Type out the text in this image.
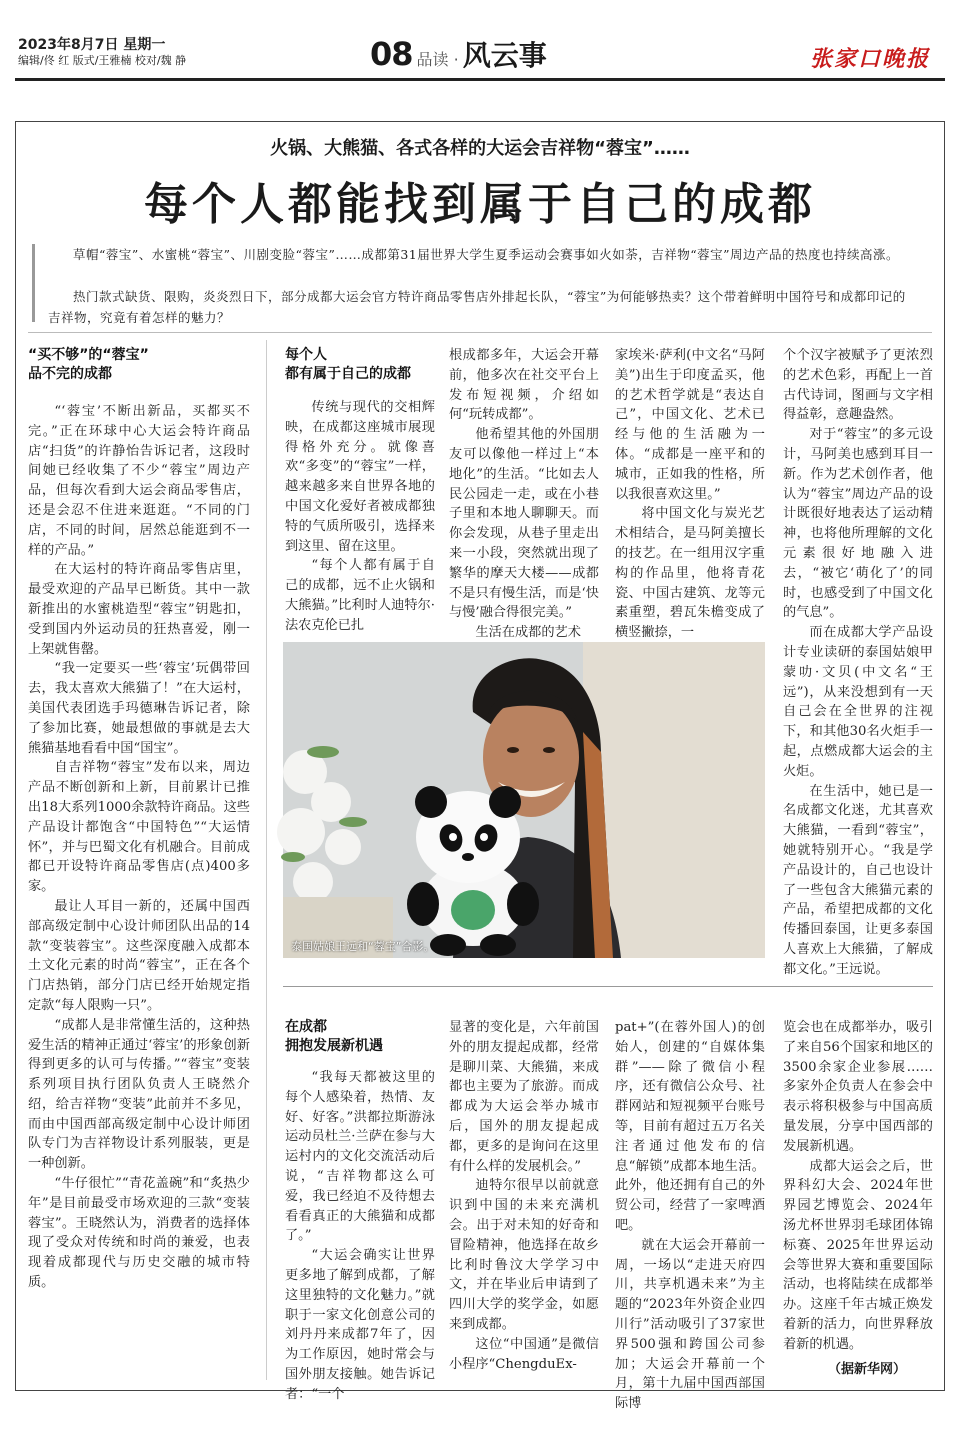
2023年8月7日 星期一
编辑/佟 红 版式/王雅楠 校对/魏 静	08 品读 · 风云事	张家口晚报
火锅、大熊猫、各式各样的大运会吉祥物“蓉宝”……
每个人都能找到属于自己的成都
草帽“蓉宝”、水蜜桃“蓉宝”、川剧变脸“蓉宝”……成都第31届世界大学生夏季运动会赛事如火如荼，吉祥物“蓉宝”周边产品的热度也持续高涨。
热门款式缺货、限购，炎炎烈日下，部分成都大运会官方特许商品零售店外排起长队，“蓉宝”为何能够热卖？这个带着鲜明中国符号和成都印记的吉祥物，究竟有着怎样的魅力？
“买不够”的“蓉宝”
品不完的成都

“‘蓉宝’不断出新品，买都买不完。”正在环球中心大运会特许商品店“扫货”的许静怡告诉记者，这段时间她已经收集了不少“蓉宝”周边产品，但每次看到大运会商品零售店，还是会忍不住进来逛逛。“不同的门店，不同的时间，居然总能逛到不一样的产品。”

在大运村的特许商品零售店里，最受欢迎的产品早已断货。其中一款新推出的水蜜桃造型“蓉宝”钥匙扣，受到国内外运动员的狂热喜爱，刚一上架就售罄。

“我一定要买一些‘蓉宝’玩偶带回去，我太喜欢大熊猫了！”在大运村，美国代表团选手玛德琳告诉记者，除了参加比赛，她最想做的事就是去大熊猫基地看看中国“国宝”。

自吉祥物“蓉宝”发布以来，周边产品不断创新和上新，目前累计已推出18大系列1000余款特许商品。这些产品设计都饱含“中国特色”“大运情怀”，并与巴蜀文化有机融合。目前成都已开设特许商品零售店(点)400多家。

最让人耳目一新的，还属中国西部高级定制中心设计师团队出品的14款“变装蓉宝”。这些深度融入成都本土文化元素的时尚“蓉宝”，正在各个门店热销，部分门店已经开始规定指定款“每人限购一只”。

“成都人是非常懂生活的，这种热爱生活的精神正通过‘蓉宝’的形象创新得到更多的认可与传播。”“蓉宝”变装系列项目执行团队负责人王晓然介绍，给吉祥物“变装”此前并不多见，而由中国西部高级定制中心设计师团队专门为吉祥物设计系列服装，更是一种创新。

“牛仔很忙”“青花盖碗”和“炙热少年”是目前最受市场欢迎的三款“变装蓉宝”。王晓然认为，消费者的选择体现了受众对传统和时尚的兼爱，也表现着成都现代与历史交融的城市特质。

每个人
都有属于自己的成都

传统与现代的交相辉映，在成都这座城市展现得格外充分。就像喜欢“多变”的“蓉宝”一样，越来越多来自世界各地的中国文化爱好者被成都独特的气质所吸引，选择来到这里、留在这里。

“每个人都有属于自己的成都，远不止火锅和大熊猫。”比利时人迪特尔·法农克伦已扎

根成都多年，大运会开幕前，他多次在社交平台上发布短视频，介绍如何“玩转成都”。

他希望其他的外国朋友可以像他一样过上“本地化”的生活。“比如去人民公园走一走，或在小巷子里和本地人聊聊天。而你会发现，从巷子里走出来一小段，突然就出现了繁华的摩天大楼——成都不是只有慢生活，而是‘快与慢’融合得很完美。”

生活在成都的艺术

家埃米·萨利(中文名“马阿美”)出生于印度孟买，他的艺术哲学就是“表达自己”，中国文化、艺术已经与他的生活融为一体。“成都是一座平和的城市，正如我的性格，所以我很喜欢这里。”

将中国文化与炭光艺术相结合，是马阿美擅长的技艺。在一组用汉字重构的作品里，他将青花瓷、中国古建筑、龙等元素重塑，碧瓦朱檐变成了横竖撇捺，一

个个汉字被赋予了更浓烈的艺术色彩，再配上一首古代诗词，图画与文字相得益彰，意趣盎然。

对于“蓉宝”的多元设计，马阿美也感到耳目一新。作为艺术创作者，他认为“蓉宝”周边产品的设计既很好地表达了运动精神，也将他所理解的文化元素很好地融入进去，“被它‘萌化了’的同时，也感受到了中国文化的气息”。

而在成都大学产品设计专业读研的泰国姑娘甲蒙叻·文贝(中文名“王远”)，从来没想到有一天自己会在全世界的注视下，和其他30名火炬手一起，点燃成都大运会的主火炬。

在生活中，她已是一名成都文化迷，尤其喜欢大熊猫，一看到“蓉宝”，她就特别开心。“我是学产品设计的，自己也设计了一些包含大熊猫元素的产品，希望把成都的文化传播回泰国，让更多泰国人喜欢上大熊猫，了解成都文化。”王远说。

泰国姑娘王远和“蓉宝”合影。
在成都
拥抱发展新机遇

“我每天都被这里的每个人感染着，热情、友好、好客。”洪都拉斯游泳运动员杜兰·兰萨在参与大运村内的文化交流活动后说，“吉祥物都这么可爱，我已经迫不及待想去看看真正的大熊猫和成都了。”

“大运会确实让世界更多地了解到成都，了解这里独特的文化魅力。”就职于一家文化创意公司的刘丹丹来成都7年了，因为工作原因，她时常会与国外朋友接触。她告诉记者：“一个

显著的变化是，六年前国外的朋友提起成都，经常是聊川菜、大熊猫，来成都也主要为了旅游。而成都成为大运会举办城市后，国外的朋友提起成都，更多的是询问在这里有什么样的发展机会。”

迪特尔很早以前就意识到中国的未来充满机会。出于对未知的好奇和冒险精神，他选择在故乡比利时鲁汶大学学习中文，并在毕业后申请到了四川大学的奖学金，如愿来到成都。

这位“中国通”是微信小程序“ChengduEx-

pat+”(在蓉外国人)的创始人，创建的“自媒体集群”——除了微信小程序，还有微信公众号、社群网站和短视频平台账号等，目前有超过五万名关注者通过他发布的信息“解锁”成都本地生活。此外，他还拥有自己的外贸公司，经营了一家啤酒吧。

就在大运会开幕前一周，一场以“走进天府四川，共享机遇未来”为主题的“2023年外资企业四川行”活动吸引了37家世界500强和跨国公司参加；大运会开幕前一个月，第十九届中国西部国际博

览会也在成都举办，吸引了来自56个国家和地区的3500余家企业参展……多家外企负责人在参会中表示将积极参与中国高质量发展，分享中国西部的发展新机遇。

成都大运会之后，世界科幻大会、2024年世界园艺博览会、2024年汤尤杯世界羽毛球团体锦标赛、2025年世界运动会等世界大赛和重要国际活动，也将陆续在成都举办。这座千年古城正焕发着新的活力，向世界释放着新的机遇。

（据新华网）
